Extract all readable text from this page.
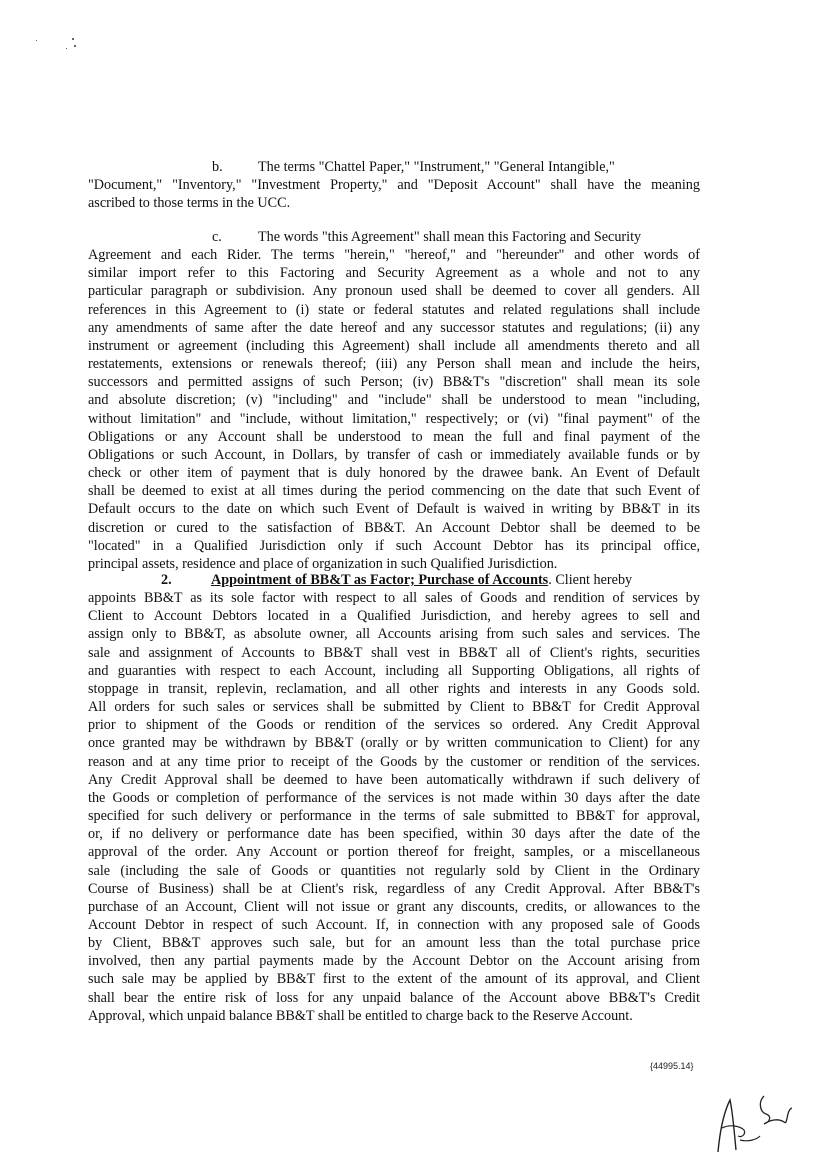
b. The terms "Chattel Paper," "Instrument," "General Intangible,"
"Document," "Inventory," "Investment Property," and "Deposit Account" shall have the meaning
ascribed to those terms in the UCC.
c.	The words "this Agreement" shall mean this Factoring and Security
Agreement and each Rider. The terms "herein," "hereof," and "hereunder" and other words of
similar import refer to this Factoring and Security Agreement as a whole and not to any
particular paragraph or subdivision. Any pronoun used shall be deemed to cover all genders. All
references in this Agreement to (i) state or federal statutes and related regulations shall include
any amendments of same after the date hereof and any successor statutes and regulations; (ii) any
instrument or agreement (including this Agreement) shall include all amendments thereto and all
restatements, extensions or renewals thereof; (iii) any Person shall mean and include the heirs,
successors and permitted assigns of such Person; (iv) BB&T's "discretion" shall mean its sole
and absolute discretion; (v) "including" and "include" shall be understood to mean "including,
without limitation" and "include, without limitation," respectively; or (vi) "final payment" of the
Obligations or any Account shall be understood to mean the full and final payment of the
Obligations or such Account, in Dollars, by transfer of cash or immediately available funds or by
check or other item of payment that is duly honored by the drawee bank. An Event of Default
shall be deemed to exist at all times during the period commencing on the date that such Event of
Default occurs to the date on which such Event of Default is waived in writing by BB&T in its
discretion or cured to the satisfaction of BB&T. An Account Debtor shall be deemed to be
"located" in a Qualified Jurisdiction only if such Account Debtor has its principal office,
principal assets, residence and place of organization in such Qualified Jurisdiction.
2.	Appointment of BB&T as Factor; Purchase of Accounts. Client hereby
appoints BB&T as its sole factor with respect to all sales of Goods and rendition of services by
Client to Account Debtors located in a Qualified Jurisdiction, and hereby agrees to sell and
assign only to BB&T, as absolute owner, all Accounts arising from such sales and services. The
sale and assignment of Accounts to BB&T shall vest in BB&T all of Client's rights, securities
and guaranties with respect to each Account, including all Supporting Obligations, all rights of
stoppage in transit, replevin, reclamation, and all other rights and interests in any Goods sold.
All orders for such sales or services shall be submitted by Client to BB&T for Credit Approval
prior to shipment of the Goods or rendition of the services so ordered. Any Credit Approval
once granted may be withdrawn by BB&T (orally or by written communication to Client) for any
reason and at any time prior to receipt of the Goods by the customer or rendition of the services.
Any Credit Approval shall be deemed to have been automatically withdrawn if such delivery of
the Goods or completion of performance of the services is not made within 30 days after the date
specified for such delivery or performance in the terms of sale submitted to BB&T for approval,
or, if no delivery or performance date has been specified, within 30 days after the date of the
approval of the order. Any Account or portion thereof for freight, samples, or a miscellaneous
sale (including the sale of Goods or quantities not regularly sold by Client in the Ordinary
Course of Business) shall be at Client's risk, regardless of any Credit Approval. After BB&T's
purchase of an Account, Client will not issue or grant any discounts, credits, or allowances to the
Account Debtor in respect of such Account. If, in connection with any proposed sale of Goods
by Client, BB&T approves such sale, but for an amount less than the total purchase price
involved, then any partial payments made by the Account Debtor on the Account arising from
such sale may be applied by BB&T first to the extent of the amount of its approval, and Client
shall bear the entire risk of loss for any unpaid balance of the Account above BB&T's Credit
Approval, which unpaid balance BB&T shall be entitled to charge back to the Reserve Account.
{44995.14}
